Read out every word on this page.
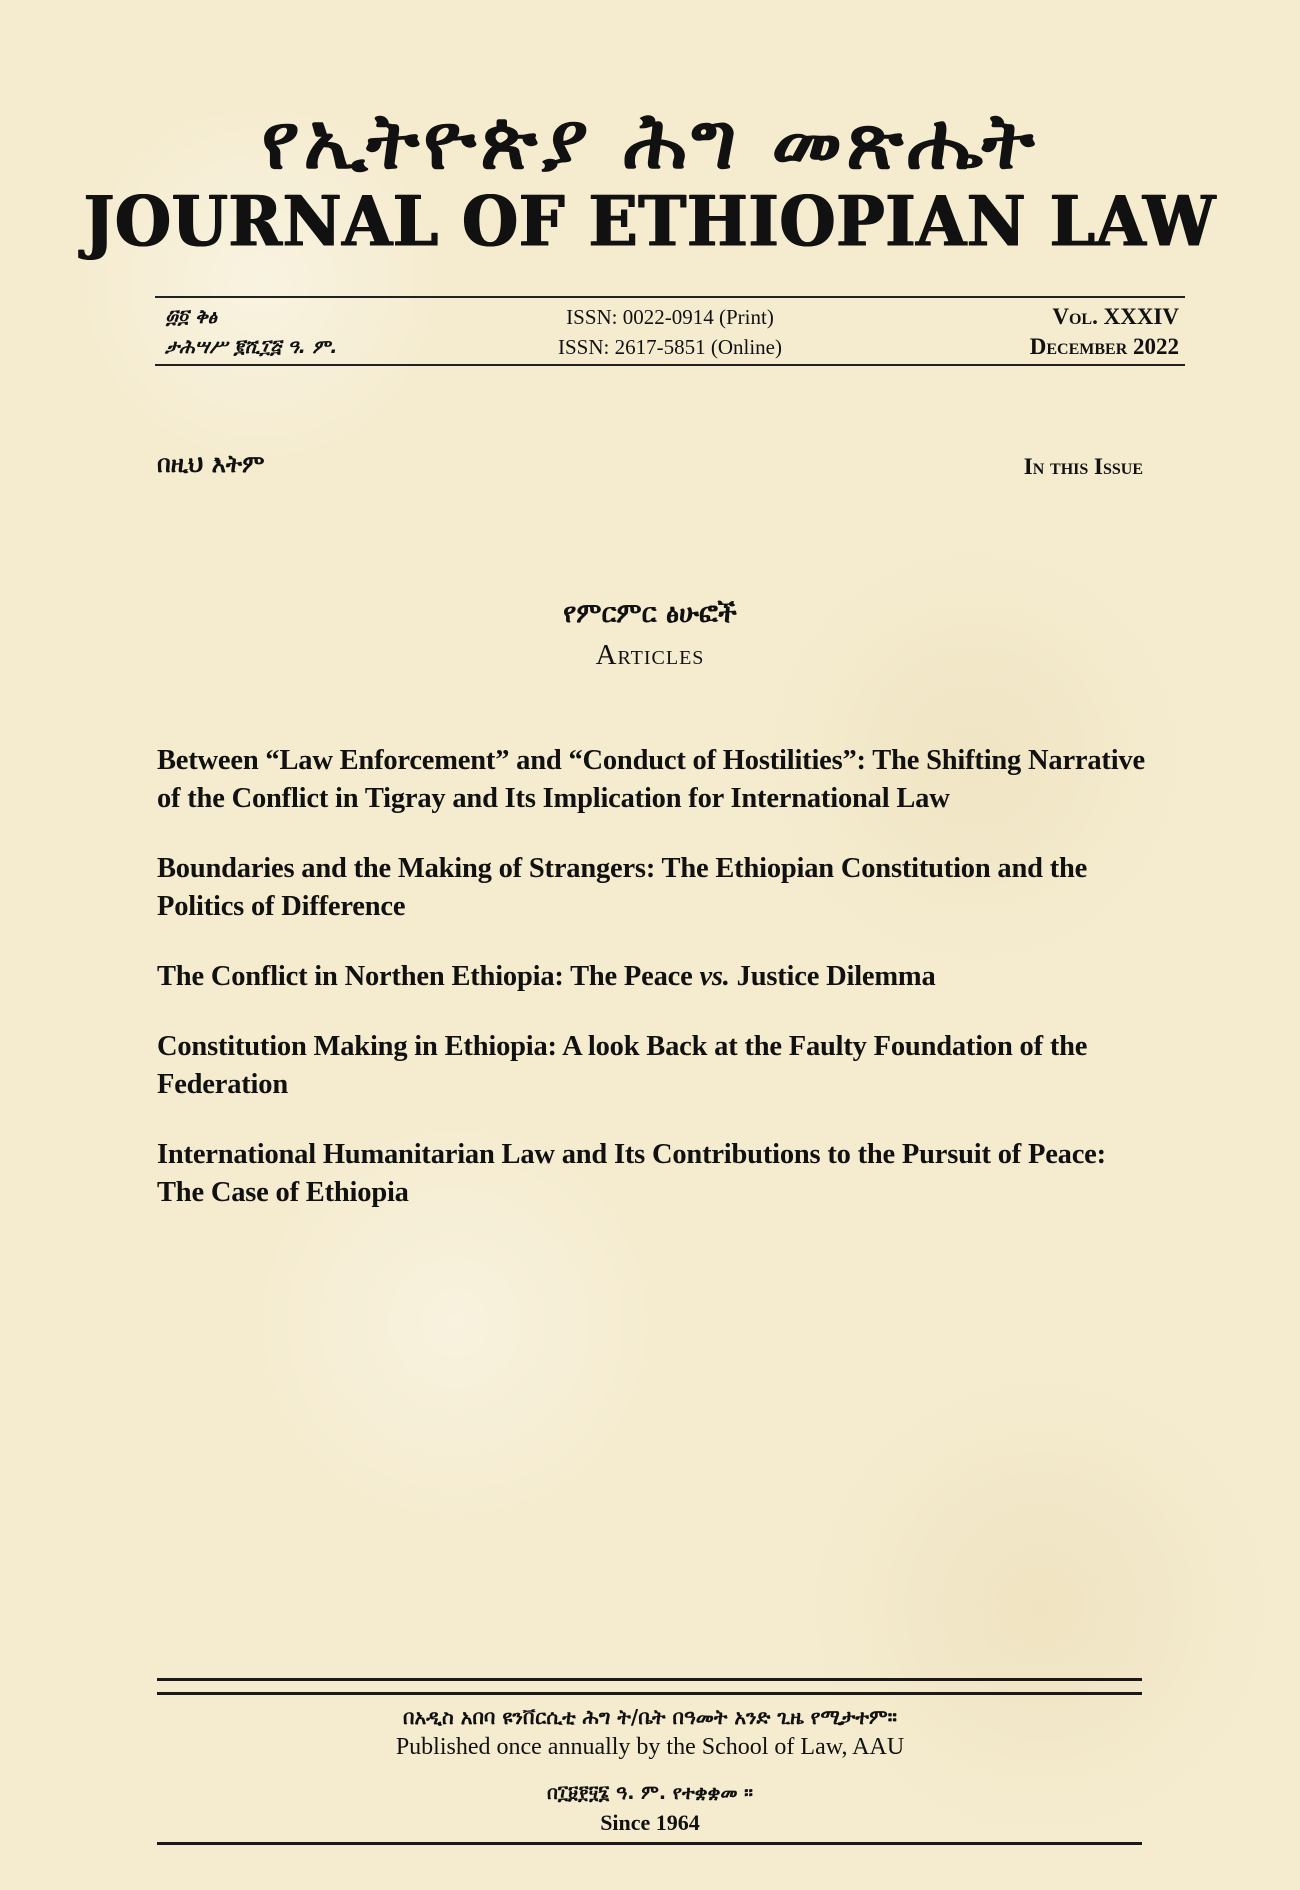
የኢትዮጵያ ሕግ መጽሔት
JOURNAL OF ETHIOPIAN LAW
፴፬ ቅፅ
ታሕሣሥ ፪ሺ፲፭ ዓ. ም.
ISSN: 0022-0914 (Print)
ISSN: 2617-5851 (Online)
Vol. XXXIV
December 2022
በዚህ እትም	In this Issue
የምርምር ፅሁፎች
Articles
Between “Law Enforcement” and “Conduct of Hostilities”: The Shifting Narrative of the Conflict in Tigray and Its Implication for International Law
Boundaries and the Making of Strangers: The Ethiopian Constitution and the Politics of Difference
The Conflict in Northen Ethiopia: The Peace vs. Justice Dilemma
Constitution Making in Ethiopia: A look Back at the Faulty Foundation of the Federation
International Humanitarian Law and Its Contributions to the Pursuit of Peace: The Case of Ethiopia
በአዲስ አበባ ዩንቨርሲቲ ሕግ ት/ቤት በዓመት አንድ ጊዜ የሚታተም።
Published once annually by the School of Law, AAU
በ፲፱፻፶፮ ዓ. ም. የተቋቋመ ።
Since 1964
